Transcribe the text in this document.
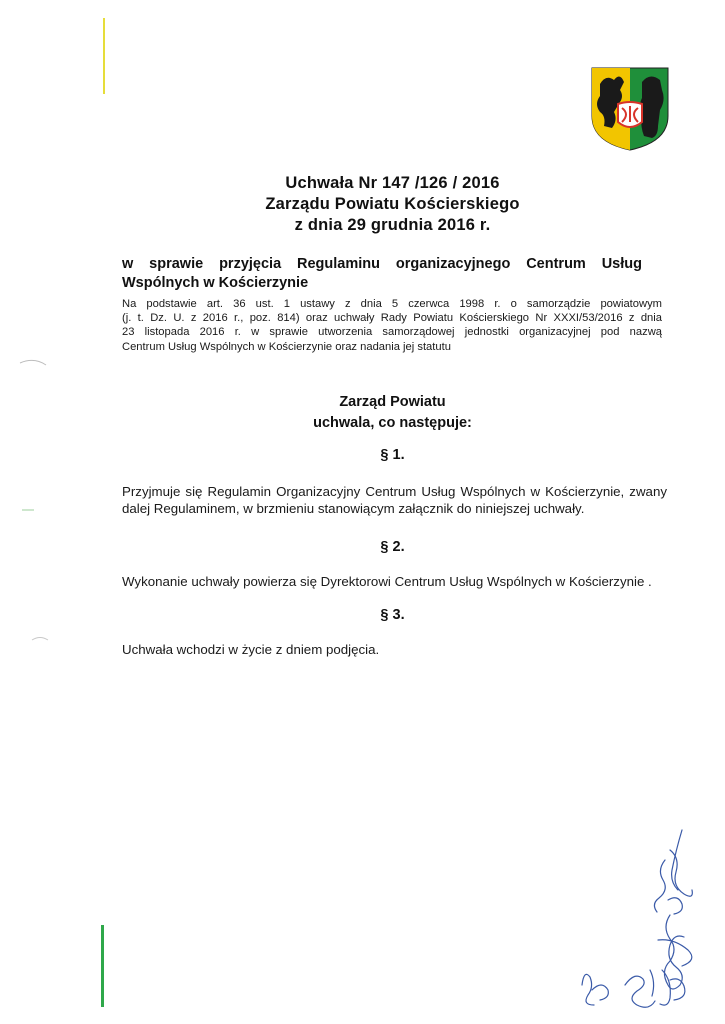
Uchwała Nr 147 /126 / 2016
Zarządu Powiatu Kościerskiego
z dnia 29 grudnia 2016 r.
w sprawie przyjęcia Regulaminu organizacyjnego Centrum Usług
Wspólnych w Kościerzynie
Na podstawie art. 36 ust. 1 ustawy z dnia 5 czerwca 1998 r. o samorządzie powiatowym
(j. t. Dz. U. z 2016 r., poz. 814) oraz uchwały Rady Powiatu Kościerskiego Nr XXXI/53/2016 z dnia
23 listopada 2016 r. w sprawie utworzenia samorządowej jednostki organizacyjnej pod nazwą
Centrum Usług Wspólnych w Kościerzynie oraz nadania jej statutu
Zarząd Powiatu
uchwala, co następuje:
§ 1.
Przyjmuje się Regulamin Organizacyjny Centrum Usług Wspólnych w Kościerzynie, zwany dalej Regulaminem, w brzmieniu stanowiącym załącznik do niniejszej uchwały.
§ 2.
Wykonanie uchwały powierza się Dyrektorowi Centrum Usług Wspólnych w Kościerzynie .
§ 3.
Uchwała wchodzi w życie z dniem podjęcia.
